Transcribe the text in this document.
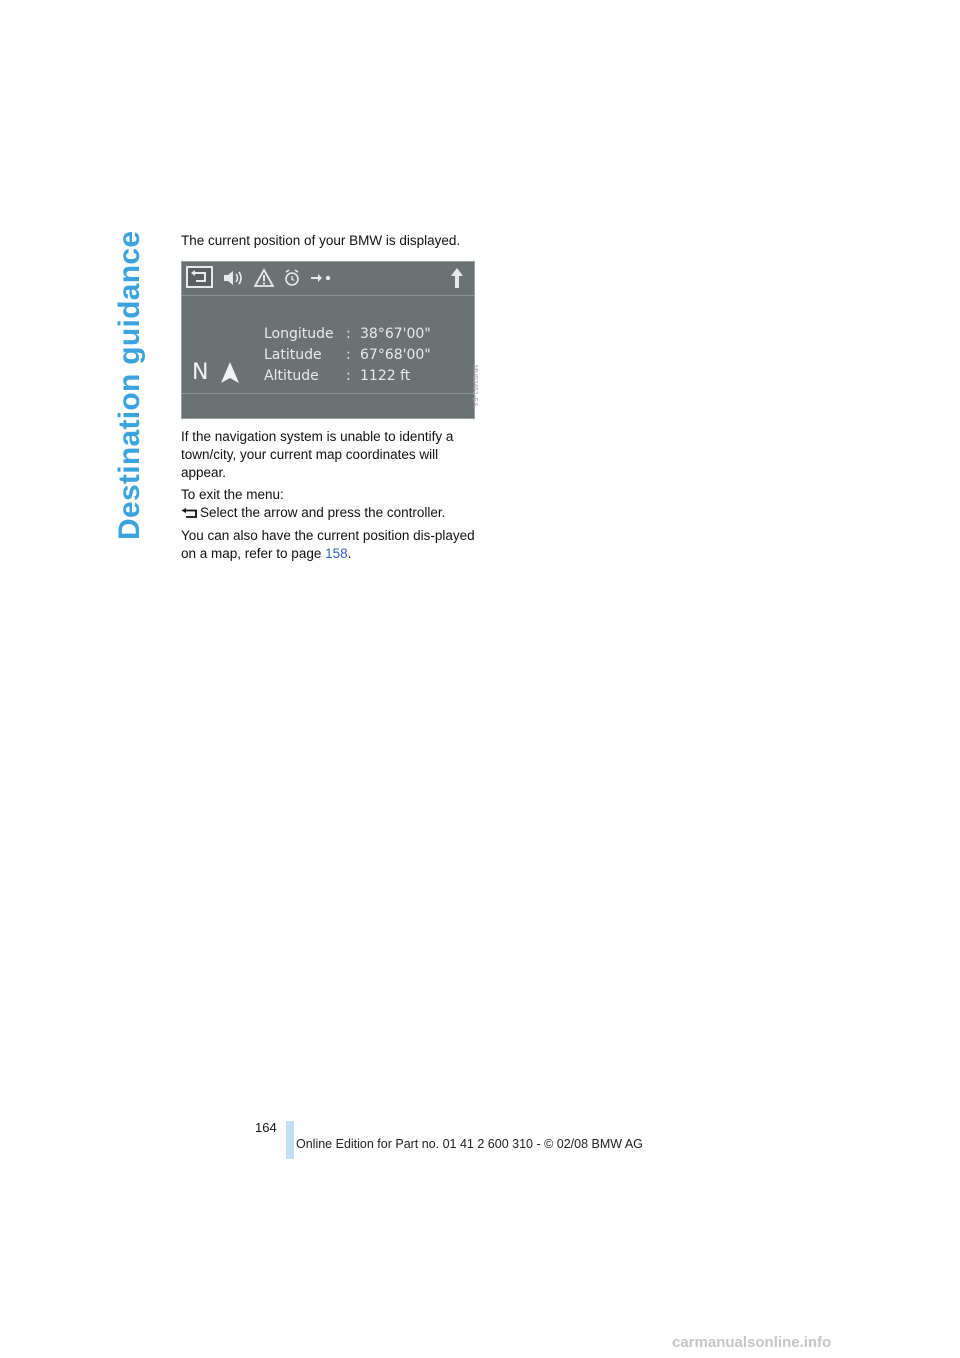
Destination guidance	The current position of your BMW is displayed.

Longitude : 38°67'00"
Latitude : 67°68'00"
Altitude : 1122 ft
N	MV02451-EA

If the navigation system is unable to identify a town/city, your current map coordinates will appear.

To exit the menu:

Select the arrow and press the controller.

You can also have the current position dis-played on a map, refer to page 158.

164
Online Edition for Part no. 01 41 2 600 310 - © 02/08 BMW AG
carmanualsonline.info
